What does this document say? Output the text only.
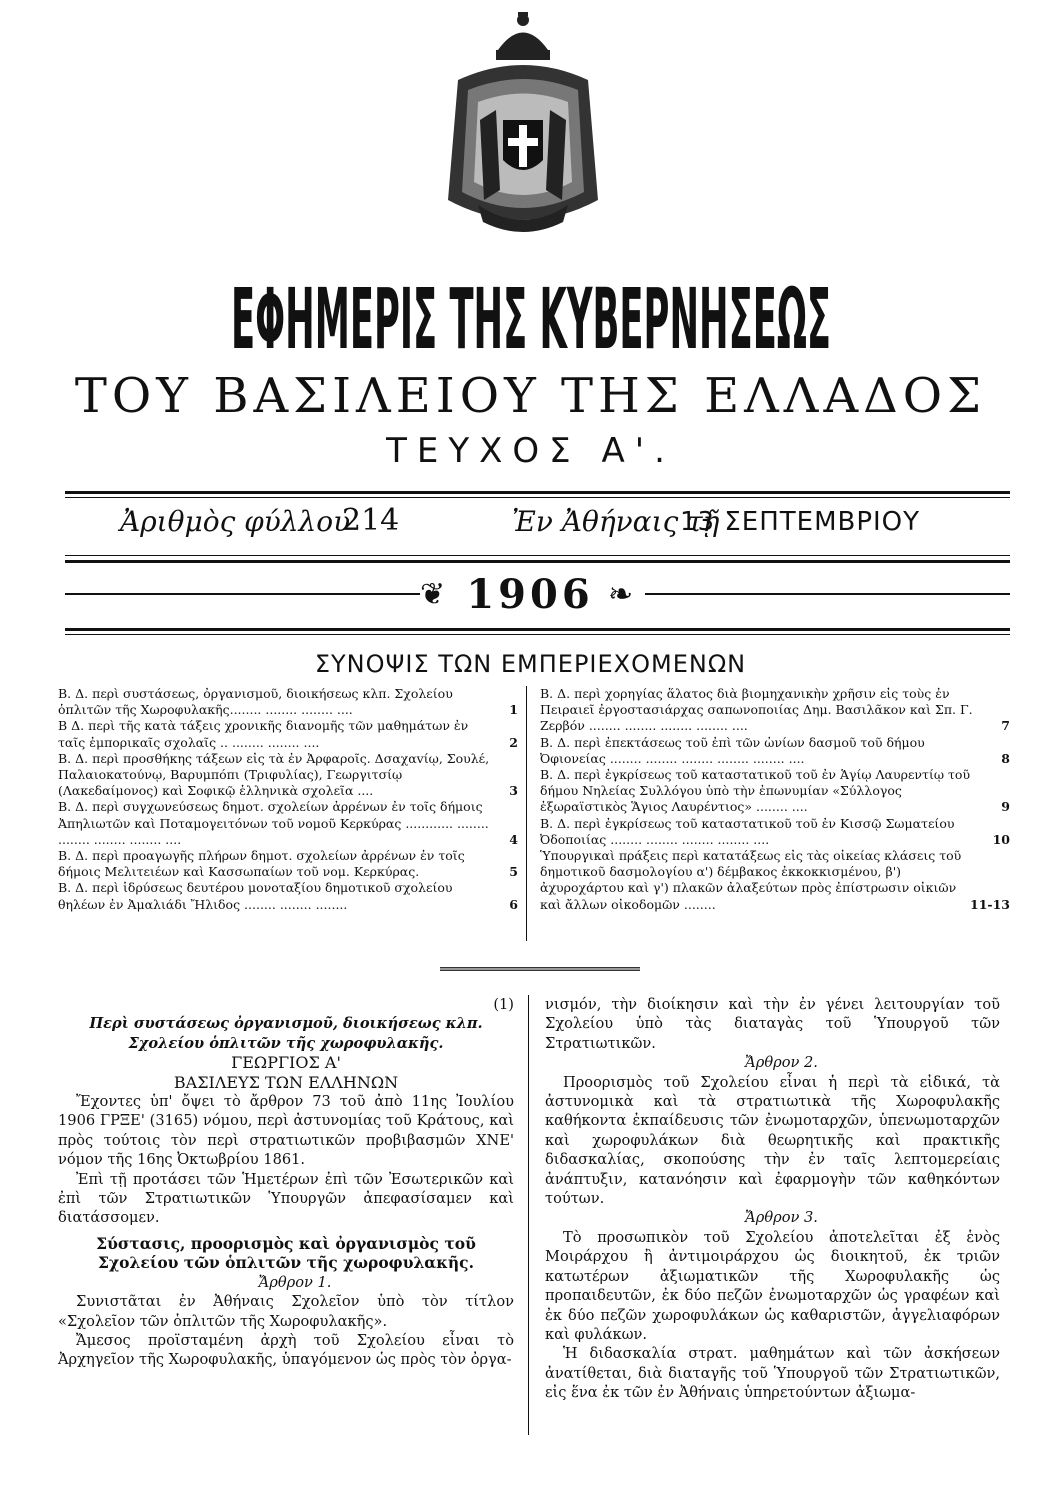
ΕΦΗΜΕΡΙΣ ΤΗΣ ΚΥΒΕΡΝΗΣΕΩΣ
ΤΟΥ ΒΑΣΙΛΕΙΟΥ ΤΗΣ ΕΛΛΑΔΟΣ
ΤΕΥΧΟΣ Α'.
Ἀριθμὸς φύλλου
214	Ἐν Ἀθήναις τῇ
13 ΣΕΠΤΕΜΒΡΙΟΥ
❦ 1906 ❧
ΣΥΝΟΨΙΣ ΤΩΝ ΕΜΠΕΡΙΕΧΟΜΕΝΩΝ
Β. Δ. περὶ συστάσεως, ὀργανισμοῦ, διοικήσεως κλπ. Σχολείου ὁπλιτῶν τῆς Χωροφυλακῆς........ ........ ........ ....	1
Β Δ. περὶ τῆς κατὰ τάξεις χρονικῆς διανομῆς τῶν μαθημάτων ἐν ταῖς ἐμπορικαῖς σχολαῖς .. ........ ........ ....	2
Β. Δ. περὶ προσθήκης τάξεων εἰς τὰ ἐν Ἀρφαροῖς. Δσαχαvίῳ, Σουλέ, Παλαιοκατούνῳ, Βαρυμπόπι (Τριφυλίας), Γεωργιτσίῳ (Λακεδαίμονος) καὶ Σοφικῷ ἑλληνικὰ σχολεῖα ....	3
Β. Δ. περὶ συγχωνεύσεως δημοτ. σχολείων ἀρρένων ἐν τοῖς δήμοις Ἀπηλιωτῶν καὶ Ποταμογειτόνων τοῦ νομοῦ Κερκύρας ............ ........ ........ ........ ........ ....	4
Β. Δ. περὶ προαγωγῆς πλήρων δημοτ. σχολείων ἀρρένων ἐν τοῖς δήμοις Μελιτειέων καὶ Κασσωπαίων τοῦ νομ. Κερκύρας.	5
Β. Δ. περὶ ἱδρύσεως δευτέρου μονοταξίου δημοτικοῦ σχολείου θηλέων ἐν Ἀμαλιάδι Ἤλιδος ........ ........ ........	6
Β. Δ. περὶ χορηγίας ἅλατος διὰ βιομηχανικὴν χρῆσιν εἰς τοὺς ἐν Πειραιεῖ ἐργοστασιάρχας σαπωνοποιίας Δημ. Βασιλᾶκον καὶ Σπ. Γ. Ζερβόν ........ ........ ........ ........ ....	7
Β. Δ. περὶ ἐπεκτάσεως τοῦ ἐπὶ τῶν ὠνίων δασμοῦ τοῦ δήμου Ὀφιονείας ........ ........ ........ ........ ........ ....	8
Β. Δ. περὶ ἐγκρίσεως τοῦ καταστατικοῦ τοῦ ἐν Ἁγίῳ Λαυρεντίῳ τοῦ δήμου Νηλείας Συλλόγου ὑπὸ τὴν ἐπωνυμίαν «Σύλλογος ἐξωραϊστικὸς Ἅγιος Λαυρέντιος» ........ ....	9
Β. Δ. περὶ ἐγκρίσεως τοῦ καταστατικοῦ τοῦ ἐν Κισσῷ Σωματείου Ὀδοποιίας ........ ........ ........ ........ ....	10
Ὑπουργικαὶ πράξεις περὶ κατατάξεως εἰς τὰς οἰκείας κλάσεις τοῦ δημοτικοῦ δασμολογίου α') δέμβακος ἐκκοκκισμένου, β') ἀχυροχάρτου καὶ γ') πλακῶν ἀλαξεύτων πρὸς ἐπίστρωσιν οἰκιῶν καὶ ἄλλων οἰκοδομῶν ........	11-13
(1)

Περὶ συστάσεως ὀργανισμοῦ, διοικήσεως κλπ. Σχολείου ὁπλιτῶν τῆς χωροφυλακῆς.

ΓΕΩΡΓΙΟΣ Α'

ΒΑΣΙΛΕΥΣ ΤΩΝ ΕΛΛΗΝΩΝ

Ἔχοντες ὑπ' ὄψει τὸ ἄρθρον 73 τοῦ ἀπὸ 11ης Ἰουλίου 1906 ΓΡΞΕ' (3165) νόμου, περὶ ἀστυνομίας τοῦ Κράτους, καὶ πρὸς τούτοις τὸν περὶ στρατιωτικῶν προβιβασμῶν ΧΝΕ' νόμον τῆς 16ης Ὀκτωβρίου 1861.

Ἐπὶ τῇ προτάσει τῶν Ἡμετέρων ἐπὶ τῶν Ἐσωτερικῶν καὶ ἐπὶ τῶν Στρατιωτικῶν Ὑπουργῶν ἀπεφασίσαμεν καὶ διατάσσομεν.

Σύστασις, προορισμὸς καὶ ὀργανισμὸς τοῦ Σχολείου τῶν ὁπλιτῶν τῆς χωροφυλακῆς.

Ἄρθρον 1.

Συνιστᾶται ἐν Ἀθήναις Σχολεῖον ὑπὸ τὸν τίτλον «Σχολεῖον τῶν ὁπλιτῶν τῆς Χωροφυλακῆς».

Ἄμεσος προϊσταμένη ἀρχὴ τοῦ Σχολείου εἶναι τὸ Ἀρχηγεῖον τῆς Χωροφυλακῆς, ὑπαγόμενον ὡς πρὸς τὸν ὀργα-

νισμόν, τὴν διοίκησιν καὶ τὴν ἐν γένει λειτουργίαν τοῦ Σχολείου ὑπὸ τὰς διαταγὰς τοῦ Ὑπουργοῦ τῶν Στρατιωτικῶν.

Ἄρθρον 2.

Προορισμὸς τοῦ Σχολείου εἶναι ἡ περὶ τὰ εἰδικά, τὰ ἀστυνομικὰ καὶ τὰ στρατιωτικὰ τῆς Χωροφυλακῆς καθήκοντα ἐκπαίδευσις τῶν ἐνωμοταρχῶν, ὑπενωμοταρχῶν καὶ χωροφυλάκων διὰ θεωρητικῆς καὶ πρακτικῆς διδασκαλίας, σκοπούσης τὴν ἐν ταῖς λεπτομερείαις ἀνάπτυξιν, κατανόησιν καὶ ἐφαρμογὴν τῶν καθηκόντων τούτων.

Ἄρθρον 3.

Τὸ προσωπικὸν τοῦ Σχολείου ἀποτελεῖται ἐξ ἑνὸς Μοιράρχου ἢ ἀντιμοιράρχου ὡς διοικητοῦ, ἐκ τριῶν κατωτέρων ἀξιωματικῶν τῆς Χωροφυλακῆς ὡς προπαιδευτῶν, ἐκ δύο πεζῶν ἐνωμοταρχῶν ὡς γραφέων καὶ ἐκ δύο πεζῶν χωροφυλάκων ὡς καθαριστῶν, ἀγγελιαφόρων καὶ φυλάκων.

Ἡ διδασκαλία στρατ. μαθημάτων καὶ τῶν ἀσκήσεων ἀνατίθεται, διὰ διαταγῆς τοῦ Ὑπουργοῦ τῶν Στρατιωτικῶν, εἰς ἕνα ἐκ τῶν ἐν Ἀθήναις ὑπηρετούντων ἀξιωμα-
